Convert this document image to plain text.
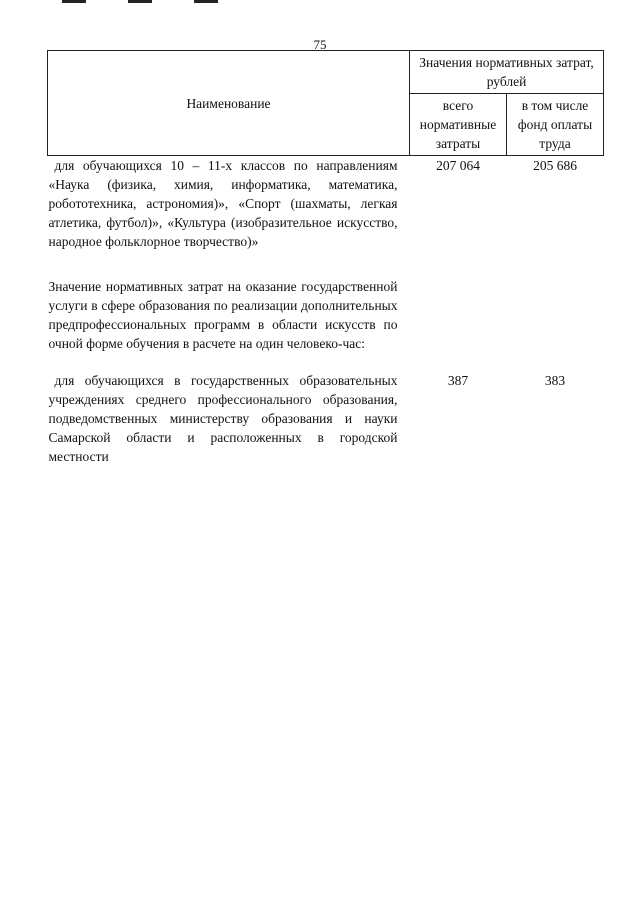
75
Наименование	Значения нормативных затрат, рублей	
	всего нормативные затраты	в том числе фонд оплаты труда
для обучающихся 10 – 11-х классов по направлениям «Наука (физика, химия, информатика, математика, робототехника, астрономия)», «Спорт (шахматы, легкая атлетика, футбол)», «Культура (изобразительное искусство, народное фольклорное творчество)»	207 064	205 686

Значение нормативных затрат на оказание государственной услуги в сфере образования по реализации дополнительных предпрофессиональных программ в области искусств по очной форме обучения в расчете на один человеко-час:		

для обучающихся в государственных образовательных учреждениях среднего профессионального образования, подведомственных министерству образования и науки Самарской области и расположенных в городской местности	387	383
